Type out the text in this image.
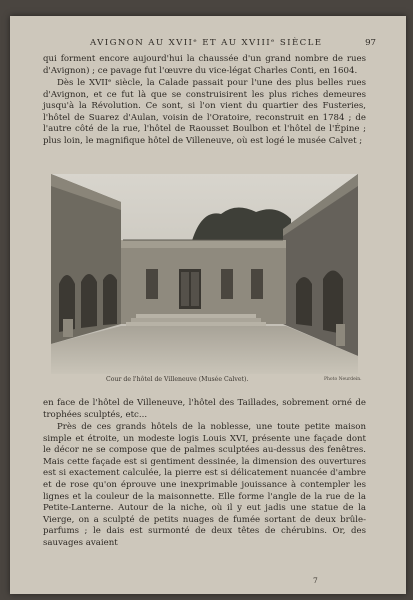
AVIGNON AU XVIIᵉ ET AU XVIIIᵉ SIÈCLE	97

qui forment encore aujourd'hui la chaussée d'un grand nombre de rues d'Avignon) ; ce pavage fut l'œuvre du vice-légat Charles Conti, en 1604.

Dès le XVIIᵉ siècle, la Calade passait pour l'une des plus belles rues d'Avignon, et ce fut là que se construisirent les plus riches demeures jusqu'à la Révolution. Ce sont, si l'on vient du quartier des Fusteries, l'hôtel de Suarez d'Aulan, voisin de l'Oratoire, reconstruit en 1784 ; de l'autre côté de la rue, l'hôtel de Raousset Boulbon et l'hôtel de l'Épine ; plus loin, le magnifique hôtel de Villeneuve, où est logé le musée Calvet ;

Cour de l'hôtel de Villeneuve (Musée Calvet).	Photo Neurdein.

en face de l'hôtel de Villeneuve, l'hôtel des Taillades, sobrement orné de trophées sculptés, etc...

Près de ces grands hôtels de la noblesse, une toute petite maison simple et étroite, un modeste logis Louis XVI, présente une façade dont le décor ne se compose que de palmes sculptées au-dessus des fenêtres. Mais cette façade est si gentiment dessinée, la dimension des ouvertures est si exactement calculée, la pierre est si délicatement nuancée d'ambre et de rose qu'on éprouve une inexprimable jouissance à contempler les lignes et la couleur de la maisonnette. Elle forme l'angle de la rue de la Petite-Lanterne. Autour de la niche, où il y eut jadis une statue de la Vierge, on a sculpté de petits nuages de fumée sortant de deux brûle-parfums ; le dais est surmonté de deux têtes de chérubins. Or, des sauvages avaient

7
